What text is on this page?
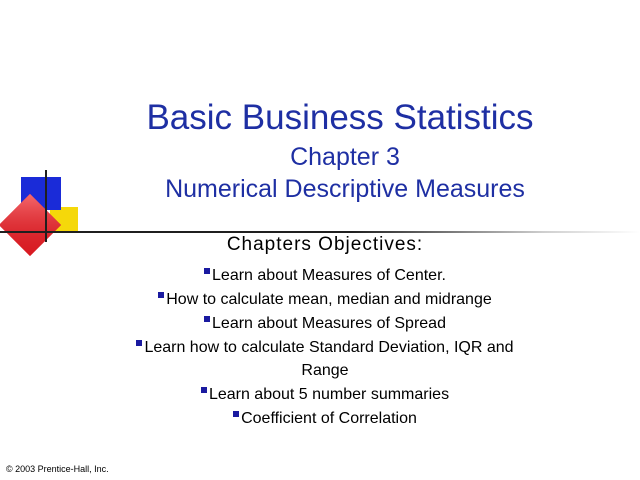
Basic Business Statistics
Chapter 3
Numerical Descriptive Measures
Chapters Objectives:
Learn about Measures of Center.
How to calculate mean, median and midrange
Learn about Measures of Spread
Learn how to calculate Standard Deviation, IQR and Range
Learn about 5 number summaries
Coefficient of Correlation
© 2003 Prentice-Hall, Inc.
